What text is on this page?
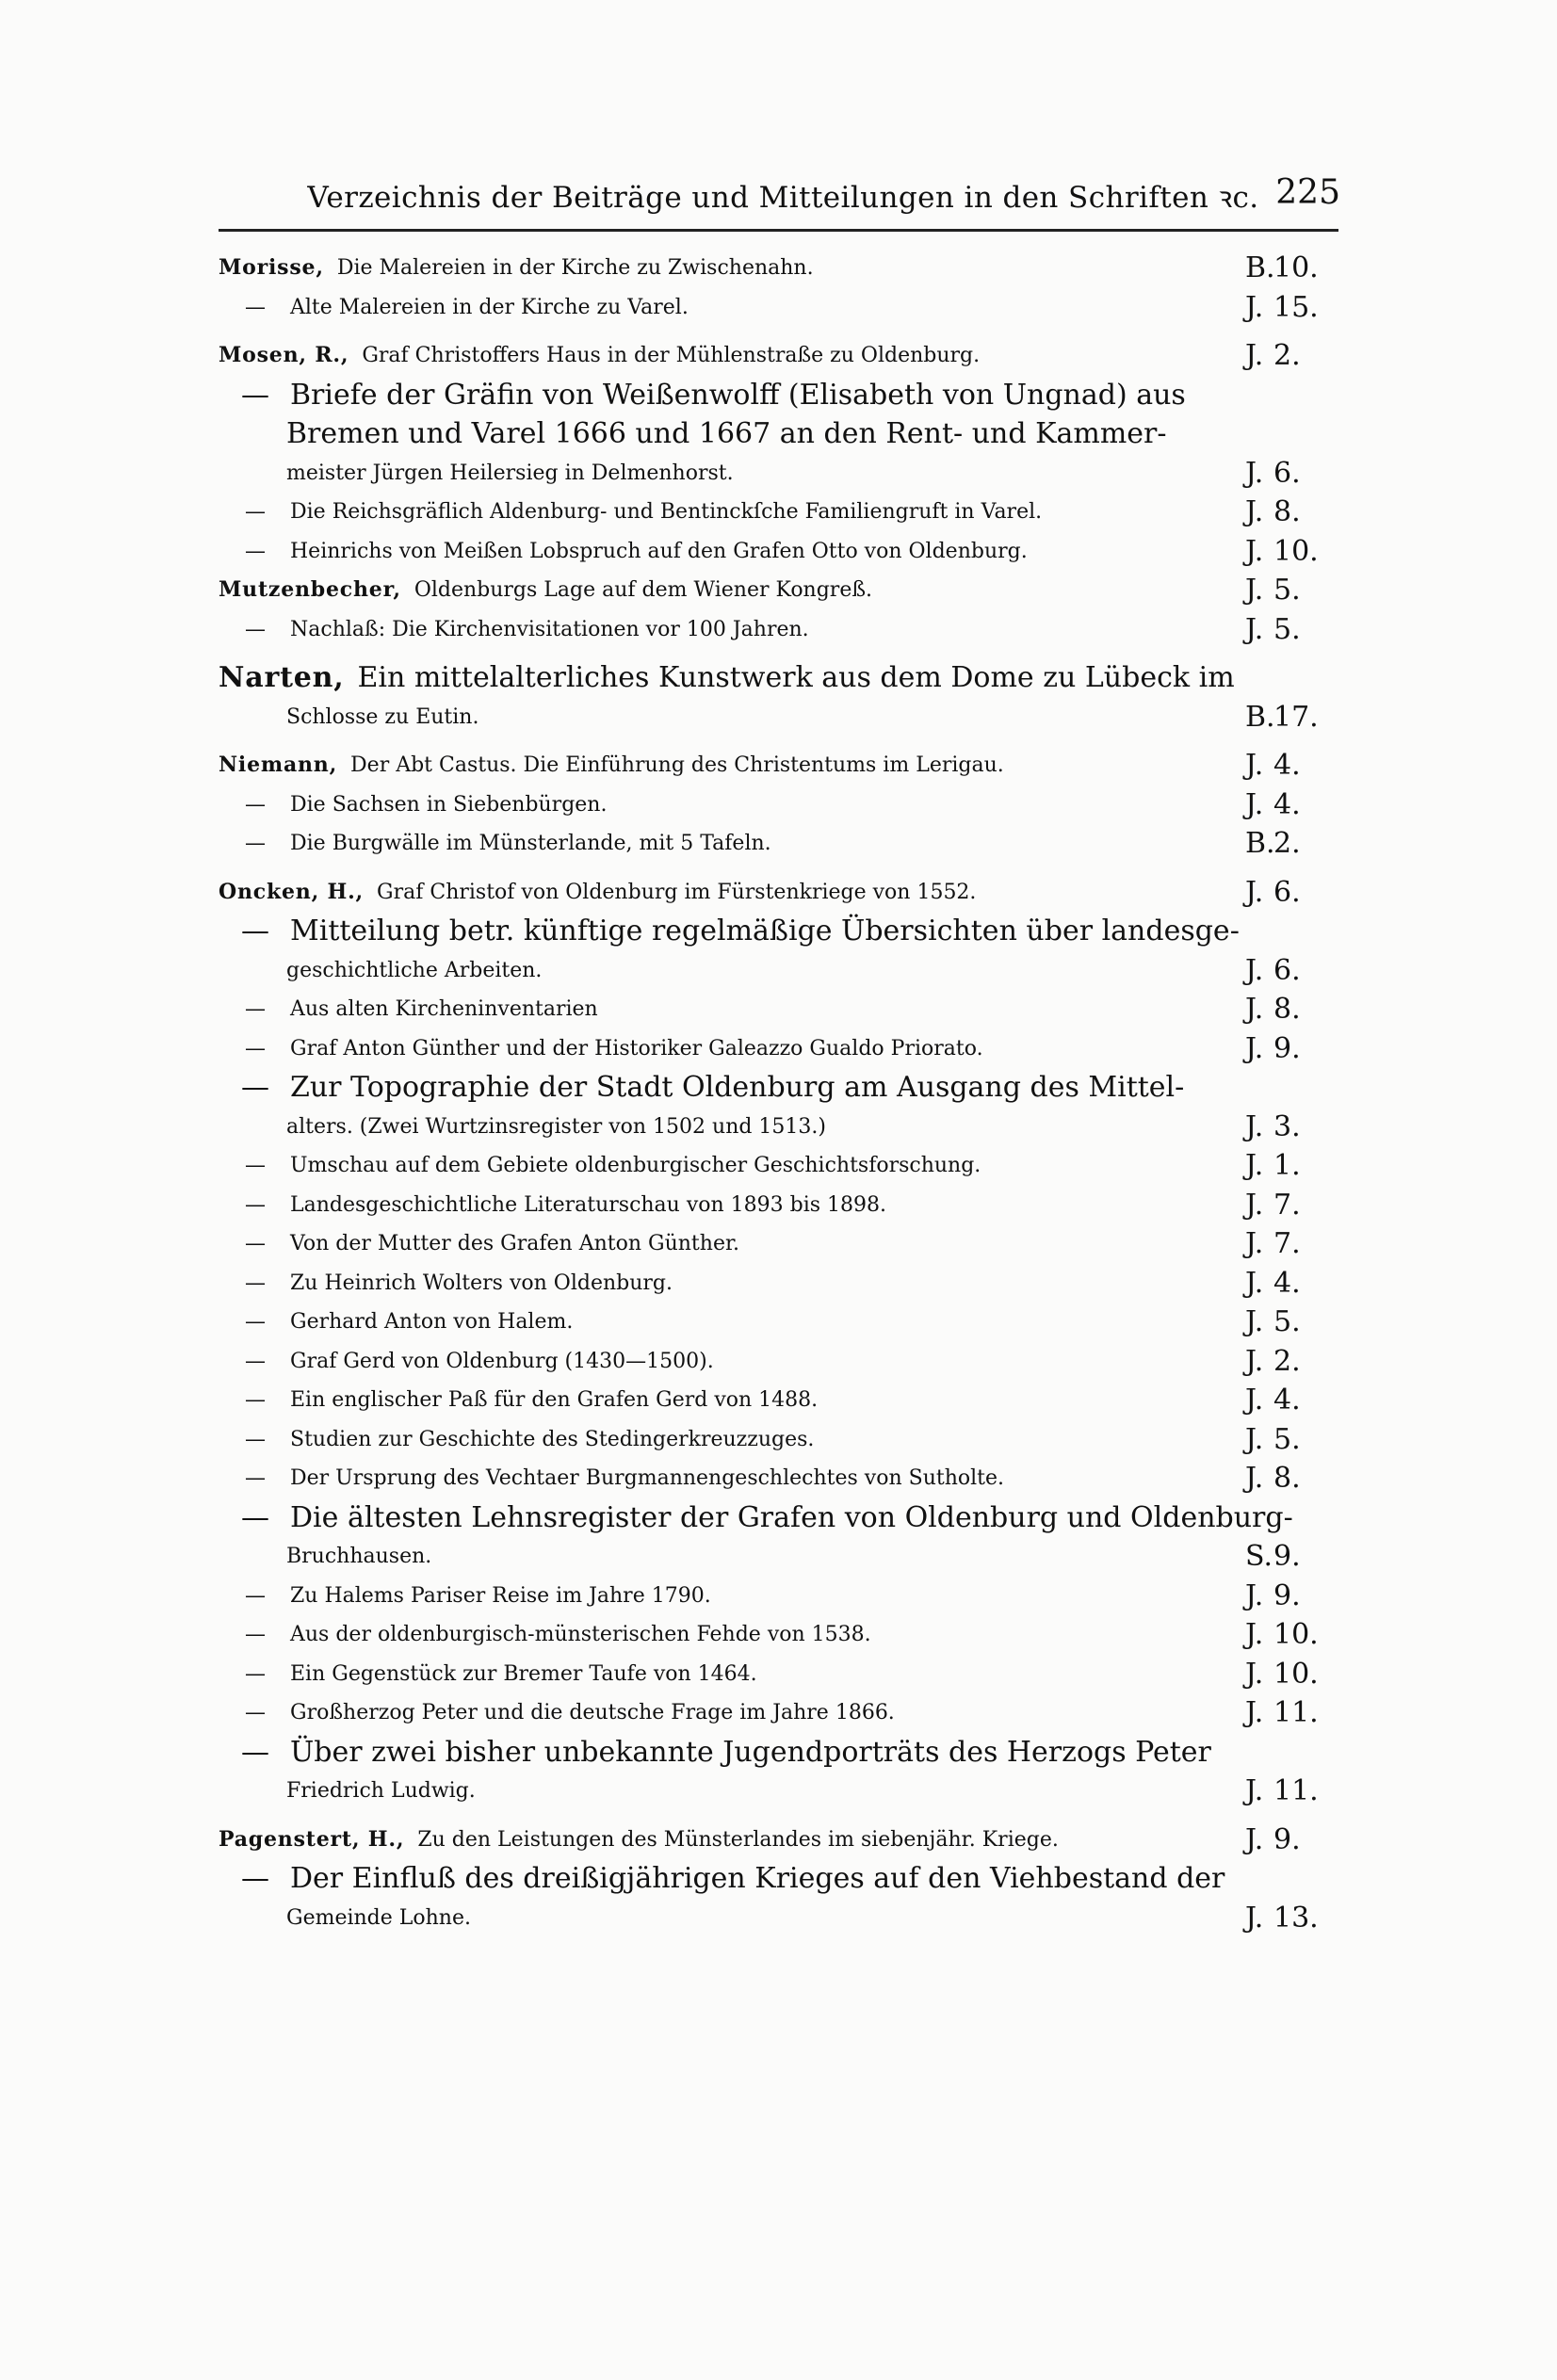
Verzeichnis der Beiträge und Mitteilungen in den Schriften ꝛc. 225
Morisse, Die Malereien in der Kirche zu Zwischenahn.	B.10.
— Alte Malereien in der Kirche zu Varel.	J. 15.
Mosen, R., Graf Christoffers Haus in der Mühlenstraße zu Oldenburg.	J. 2.
— Briefe der Gräfin von Weißenwolff (Elisabeth von Ungnad) aus
Bremen und Varel 1666 und 1667 an den Rent- und Kammer-
meister Jürgen Heilersieg in Delmenhorst.	J. 6.
— Die Reichsgräflich Aldenburg- und Bentinckſche Familiengruft in Varel.	J. 8.
— Heinrichs von Meißen Lobspruch auf den Grafen Otto von Oldenburg.	J. 10.
Mutzenbecher, Oldenburgs Lage auf dem Wiener Kongreß.	J. 5.
— Nachlaß: Die Kirchenvisitationen vor 100 Jahren.	J. 5.
Narten, Ein mittelalterliches Kunstwerk aus dem Dome zu Lübeck im
Schlosse zu Eutin.	B.17.
Niemann, Der Abt Castus. Die Einführung des Christentums im Lerigau.	J. 4.
— Die Sachsen in Siebenbürgen.	J. 4.
— Die Burgwälle im Münsterlande, mit 5 Tafeln.	B.2.
Oncken, H., Graf Christof von Oldenburg im Fürstenkriege von 1552.	J. 6.
— Mitteilung betr. künftige regelmäßige Übersichten über landesge-
geschichtliche Arbeiten.	J. 6.
— Aus alten Kircheninventarien	J. 8.
— Graf Anton Günther und der Historiker Galeazzo Gualdo Priorato.	J. 9.
— Zur Topographie der Stadt Oldenburg am Ausgang des Mittel-
alters. (Zwei Wurtzinsregister von 1502 und 1513.)	J. 3.
— Umschau auf dem Gebiete oldenburgischer Geschichtsforschung.	J. 1.
— Landesgeschichtliche Literaturschau von 1893 bis 1898.	J. 7.
— Von der Mutter des Grafen Anton Günther.	J. 7.
— Zu Heinrich Wolters von Oldenburg.	J. 4.
— Gerhard Anton von Halem.	J. 5.
— Graf Gerd von Oldenburg (1430—1500).	J. 2.
— Ein englischer Paß für den Grafen Gerd von 1488.	J. 4.
— Studien zur Geschichte des Stedingerkreuzzuges.	J. 5.
— Der Ursprung des Vechtaer Burgmannengeschlechtes von Sutholte.	J. 8.
— Die ältesten Lehnsregister der Grafen von Oldenburg und Oldenburg-
Bruchhausen.	S.9.
— Zu Halems Pariser Reise im Jahre 1790.	J. 9.
— Aus der oldenburgisch-münsterischen Fehde von 1538.	J. 10.
— Ein Gegenstück zur Bremer Taufe von 1464.	J. 10.
— Großherzog Peter und die deutsche Frage im Jahre 1866.	J. 11.
— Über zwei bisher unbekannte Jugendporträts des Herzogs Peter
Friedrich Ludwig.	J. 11.
Pagenstert, H., Zu den Leistungen des Münsterlandes im siebenjähr. Kriege.	J. 9.
— Der Einfluß des dreißigjährigen Krieges auf den Viehbestand der
Gemeinde Lohne.	J. 13.
